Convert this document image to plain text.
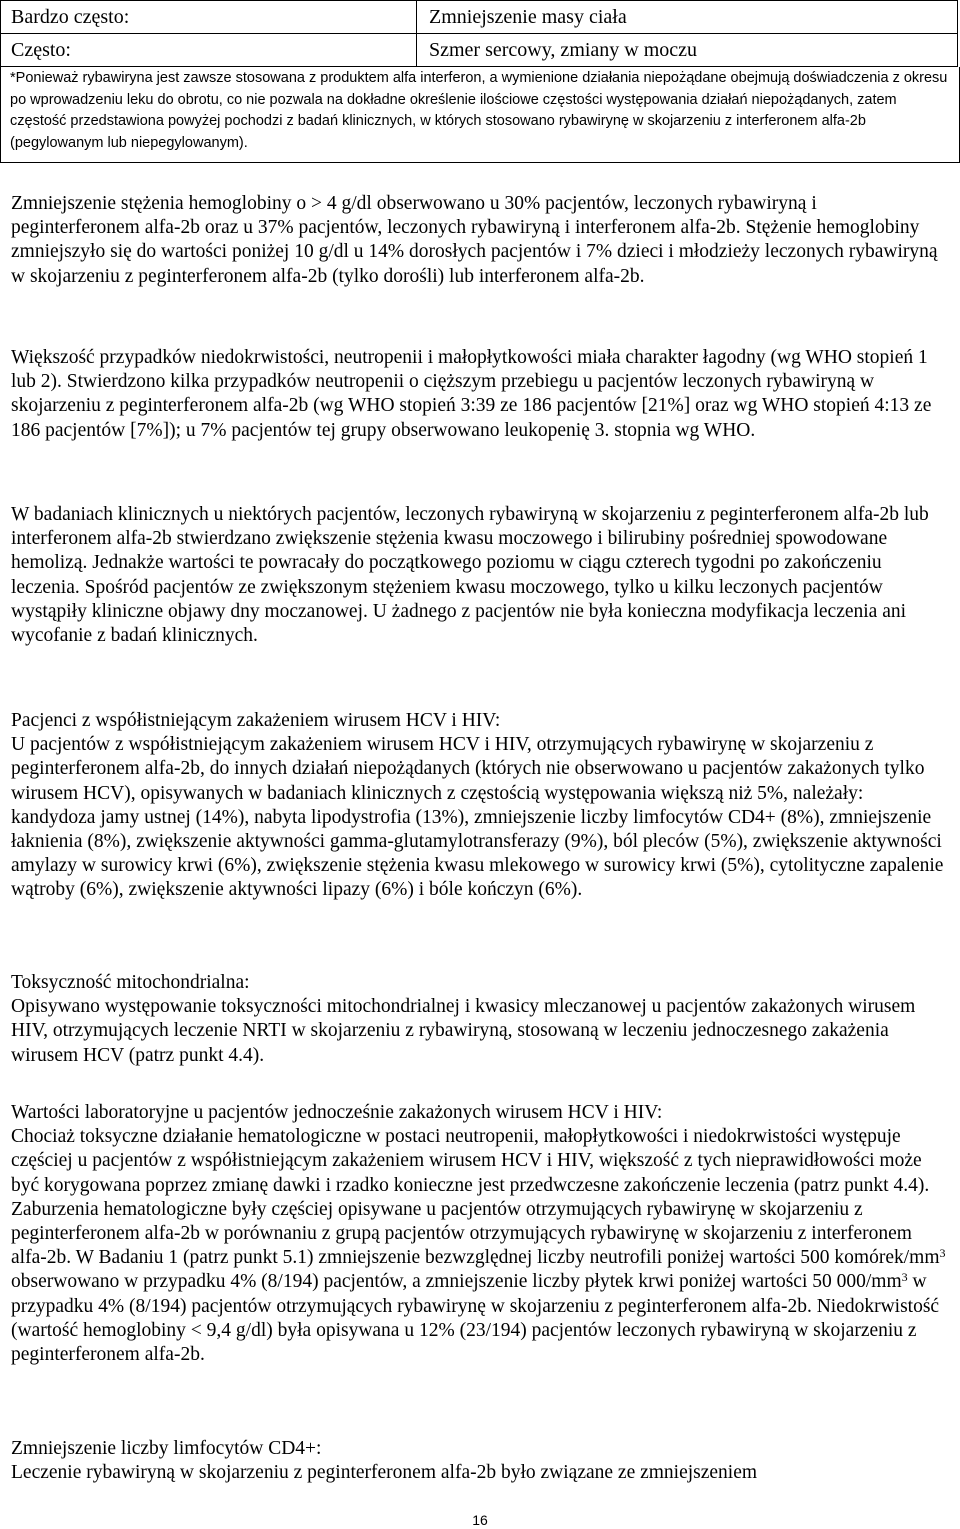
Bardzo często:	Zmniejszenie masy ciała
Często:	Szmer sercowy, zmiany w moczu
*Ponieważ rybawiryna jest zawsze stosowana z produktem alfa interferon, a wymienione działania niepożądane obejmują doświadczenia z okresu po wprowadzeniu leku do obrotu, co nie pozwala na dokładne określenie ilościowe częstości występowania działań niepożądanych, zatem częstość przedstawiona powyżej pochodzi z badań klinicznych, w których stosowano rybawirynę w skojarzeniu z interferonem alfa-2b (pegylowanym lub niepegylowanym).

Zmniejszenie stężenia hemoglobiny o > 4 g/dl obserwowano u 30% pacjentów, leczonych rybawiryną i peginterferonem alfa-2b oraz u 37% pacjentów, leczonych rybawiryną i interferonem alfa-2b. Stężenie hemoglobiny zmniejszyło się do wartości poniżej 10 g/dl u 14% dorosłych pacjentów i 7% dzieci i młodzieży leczonych rybawiryną w skojarzeniu z peginterferonem alfa-2b (tylko dorośli) lub interferonem alfa-2b.

Większość przypadków niedokrwistości, neutropenii i małopłytkowości miała charakter łagodny (wg WHO stopień 1 lub 2). Stwierdzono kilka przypadków neutropenii o cięższym przebiegu u pacjentów leczonych rybawiryną w skojarzeniu z peginterferonem alfa-2b (wg WHO stopień 3:39 ze 186 pacjentów [21%] oraz wg WHO stopień 4:13 ze 186 pacjentów [7%]); u 7% pacjentów tej grupy obserwowano leukopenię 3. stopnia wg WHO.

W badaniach klinicznych u niektórych pacjentów, leczonych rybawiryną w skojarzeniu z peginterferonem alfa-2b lub interferonem alfa-2b stwierdzano zwiększenie stężenia kwasu moczowego i bilirubiny pośredniej spowodowane hemolizą. Jednakże wartości te powracały do początkowego poziomu w ciągu czterech tygodni po zakończeniu leczenia. Spośród pacjentów ze zwiększonym stężeniem kwasu moczowego, tylko u kilku leczonych pacjentów wystąpiły kliniczne objawy dny moczanowej. U żadnego z pacjentów nie była konieczna modyfikacja leczenia ani wycofanie z badań klinicznych.

Pacjenci z współistniejącym zakażeniem wirusem HCV i HIV:

U pacjentów z współistniejącym zakażeniem wirusem HCV i HIV, otrzymujących rybawirynę w skojarzeniu z peginterferonem alfa-2b, do innych działań niepożądanych (których nie obserwowano u pacjentów zakażonych tylko wirusem HCV), opisywanych w badaniach klinicznych z częstością występowania większą niż 5%, należały: kandydoza jamy ustnej (14%), nabyta lipodystrofia (13%), zmniejszenie liczby limfocytów CD4+ (8%), zmniejszenie łaknienia (8%), zwiększenie aktywności gamma-glutamylotransferazy (9%), ból pleców (5%), zwiększenie aktywności amylazy w surowicy krwi (6%), zwiększenie stężenia kwasu mlekowego w surowicy krwi (5%), cytolityczne zapalenie wątroby (6%), zwiększenie aktywności lipazy (6%) i bóle kończyn (6%).

Toksyczność mitochondrialna:

Opisywano występowanie toksyczności mitochondrialnej i kwasicy mleczanowej u pacjentów zakażonych wirusem HIV, otrzymujących leczenie NRTI w skojarzeniu z rybawiryną, stosowaną w leczeniu jednoczesnego zakażenia wirusem HCV (patrz punkt 4.4).

Wartości laboratoryjne u pacjentów jednocześnie zakażonych wirusem HCV i HIV:

Chociaż toksyczne działanie hematologiczne w postaci neutropenii, małopłytkowości i niedokrwistości występuje częściej u pacjentów z współistniejącym zakażeniem wirusem HCV i HIV, większość z tych nieprawidłowości może być korygowana poprzez zmianę dawki i rzadko konieczne jest przedwczesne zakończenie leczenia (patrz punkt 4.4). Zaburzenia hematologiczne były częściej opisywane u pacjentów otrzymujących rybawirynę w skojarzeniu z peginterferonem alfa-2b w porównaniu z grupą pacjentów otrzymujących rybawirynę w skojarzeniu z interferonem alfa-2b. W Badaniu 1 (patrz punkt 5.1) zmniejszenie bezwzględnej liczby neutrofili poniżej wartości 500 komórek/$mm^3$ obserwowano w przypadku 4% (8/194) pacjentów, a zmniejszenie liczby płytek krwi poniżej wartości 50 $000/mm^3$ w przypadku 4% (8/194) pacjentów otrzymujących rybawirynę w skojarzeniu z peginterferonem alfa-2b. Niedokrwistość (wartość hemoglobiny < 9,4 g/dl) była opisywana u 12% (23/194) pacjentów leczonych rybawiryną w skojarzeniu z peginterferonem alfa-2b.

Zmniejszenie liczby limfocytów CD4+:

Leczenie rybawiryną w skojarzeniu z peginterferonem alfa-2b było związane ze zmniejszeniem

16
